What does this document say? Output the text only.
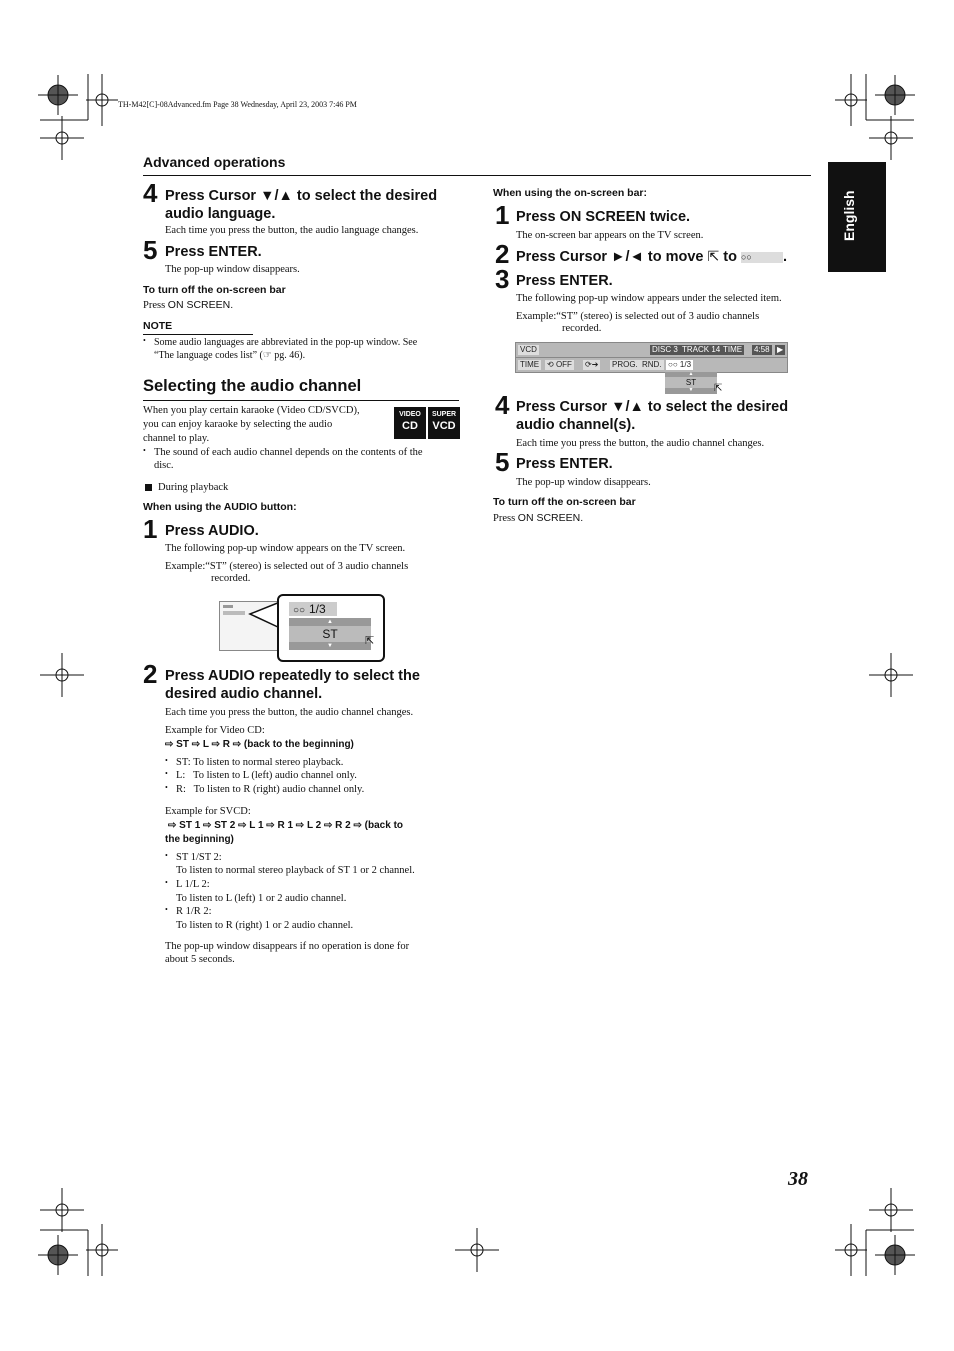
TH-M42[C]-08Advanced.fm Page 38 Wednesday, April 23, 2003 7:46 PM
Advanced operations
English
4 Press Cursor ▼/▲ to select the desired
audio language.
Each time you press the button, the audio language changes.
5 Press ENTER.
The pop-up window disappears.
To turn off the on-screen bar
Press ON SCREEN.
NOTE
• Some audio languages are abbreviated in the pop-up window. See
“The language codes list” (☞ pg. 46).
Selecting the audio channel
When you play certain karaoke (Video CD/SVCD),
you can enjoy karaoke by selecting the audio
channel to play.
VIDEO
CD
SUPER
VCD
• The sound of each audio channel depends on the contents of the
disc.
During playback
When using the AUDIO button:
1 Press AUDIO.
The following pop-up window appears on the TV screen.
Example:“ST” (stereo) is selected out of 3 audio channels
recorded.
○○ 1/3
▲
ST
▼	⇱
2 Press AUDIO repeatedly to select the
desired audio channel.
Each time you press the button, the audio channel changes.
Example for Video CD:
⇨ ST ⇨ L ⇨ R ⇨ (back to the beginning)
• ST: To listen to normal stereo playback.
• L:   To listen to L (left) audio channel only.
• R:   To listen to R (right) audio channel only.
Example for SVCD:
⇨ ST 1 ⇨ ST 2 ⇨ L 1 ⇨ R 1 ⇨ L 2 ⇨ R 2 ⇨ (back to
the beginning)
• ST 1/ST 2:
To listen to normal stereo playback of ST 1 or 2 channel.
• L 1/L 2:
To listen to L (left) 1 or 2 audio channel.
• R 1/R 2:
To listen to R (right) 1 or 2 audio channel.
The pop-up window disappears if no operation is done for
about 5 seconds.
When using the on-screen bar:
1 Press ON SCREEN twice.
The on-screen bar appears on the TV screen.
2 Press Cursor ►/◄ to move ⇱ to ○○ .
3 Press ENTER.
The following pop-up window appears under the selected item.
Example:“ST” (stereo) is selected out of 3 audio channels
recorded.
VCD	DISC 3 TRACK 14 TIME 4:58 ▶
TIME ⟲ OFF ⟳➔ PROG. RND. ○○ 1/3
▲
ST
▼	⇱
4 Press Cursor ▼/▲ to select the desired
audio channel(s).
Each time you press the button, the audio channel changes.
5 Press ENTER.
The pop-up window disappears.
To turn off the on-screen bar
Press ON SCREEN.
38
